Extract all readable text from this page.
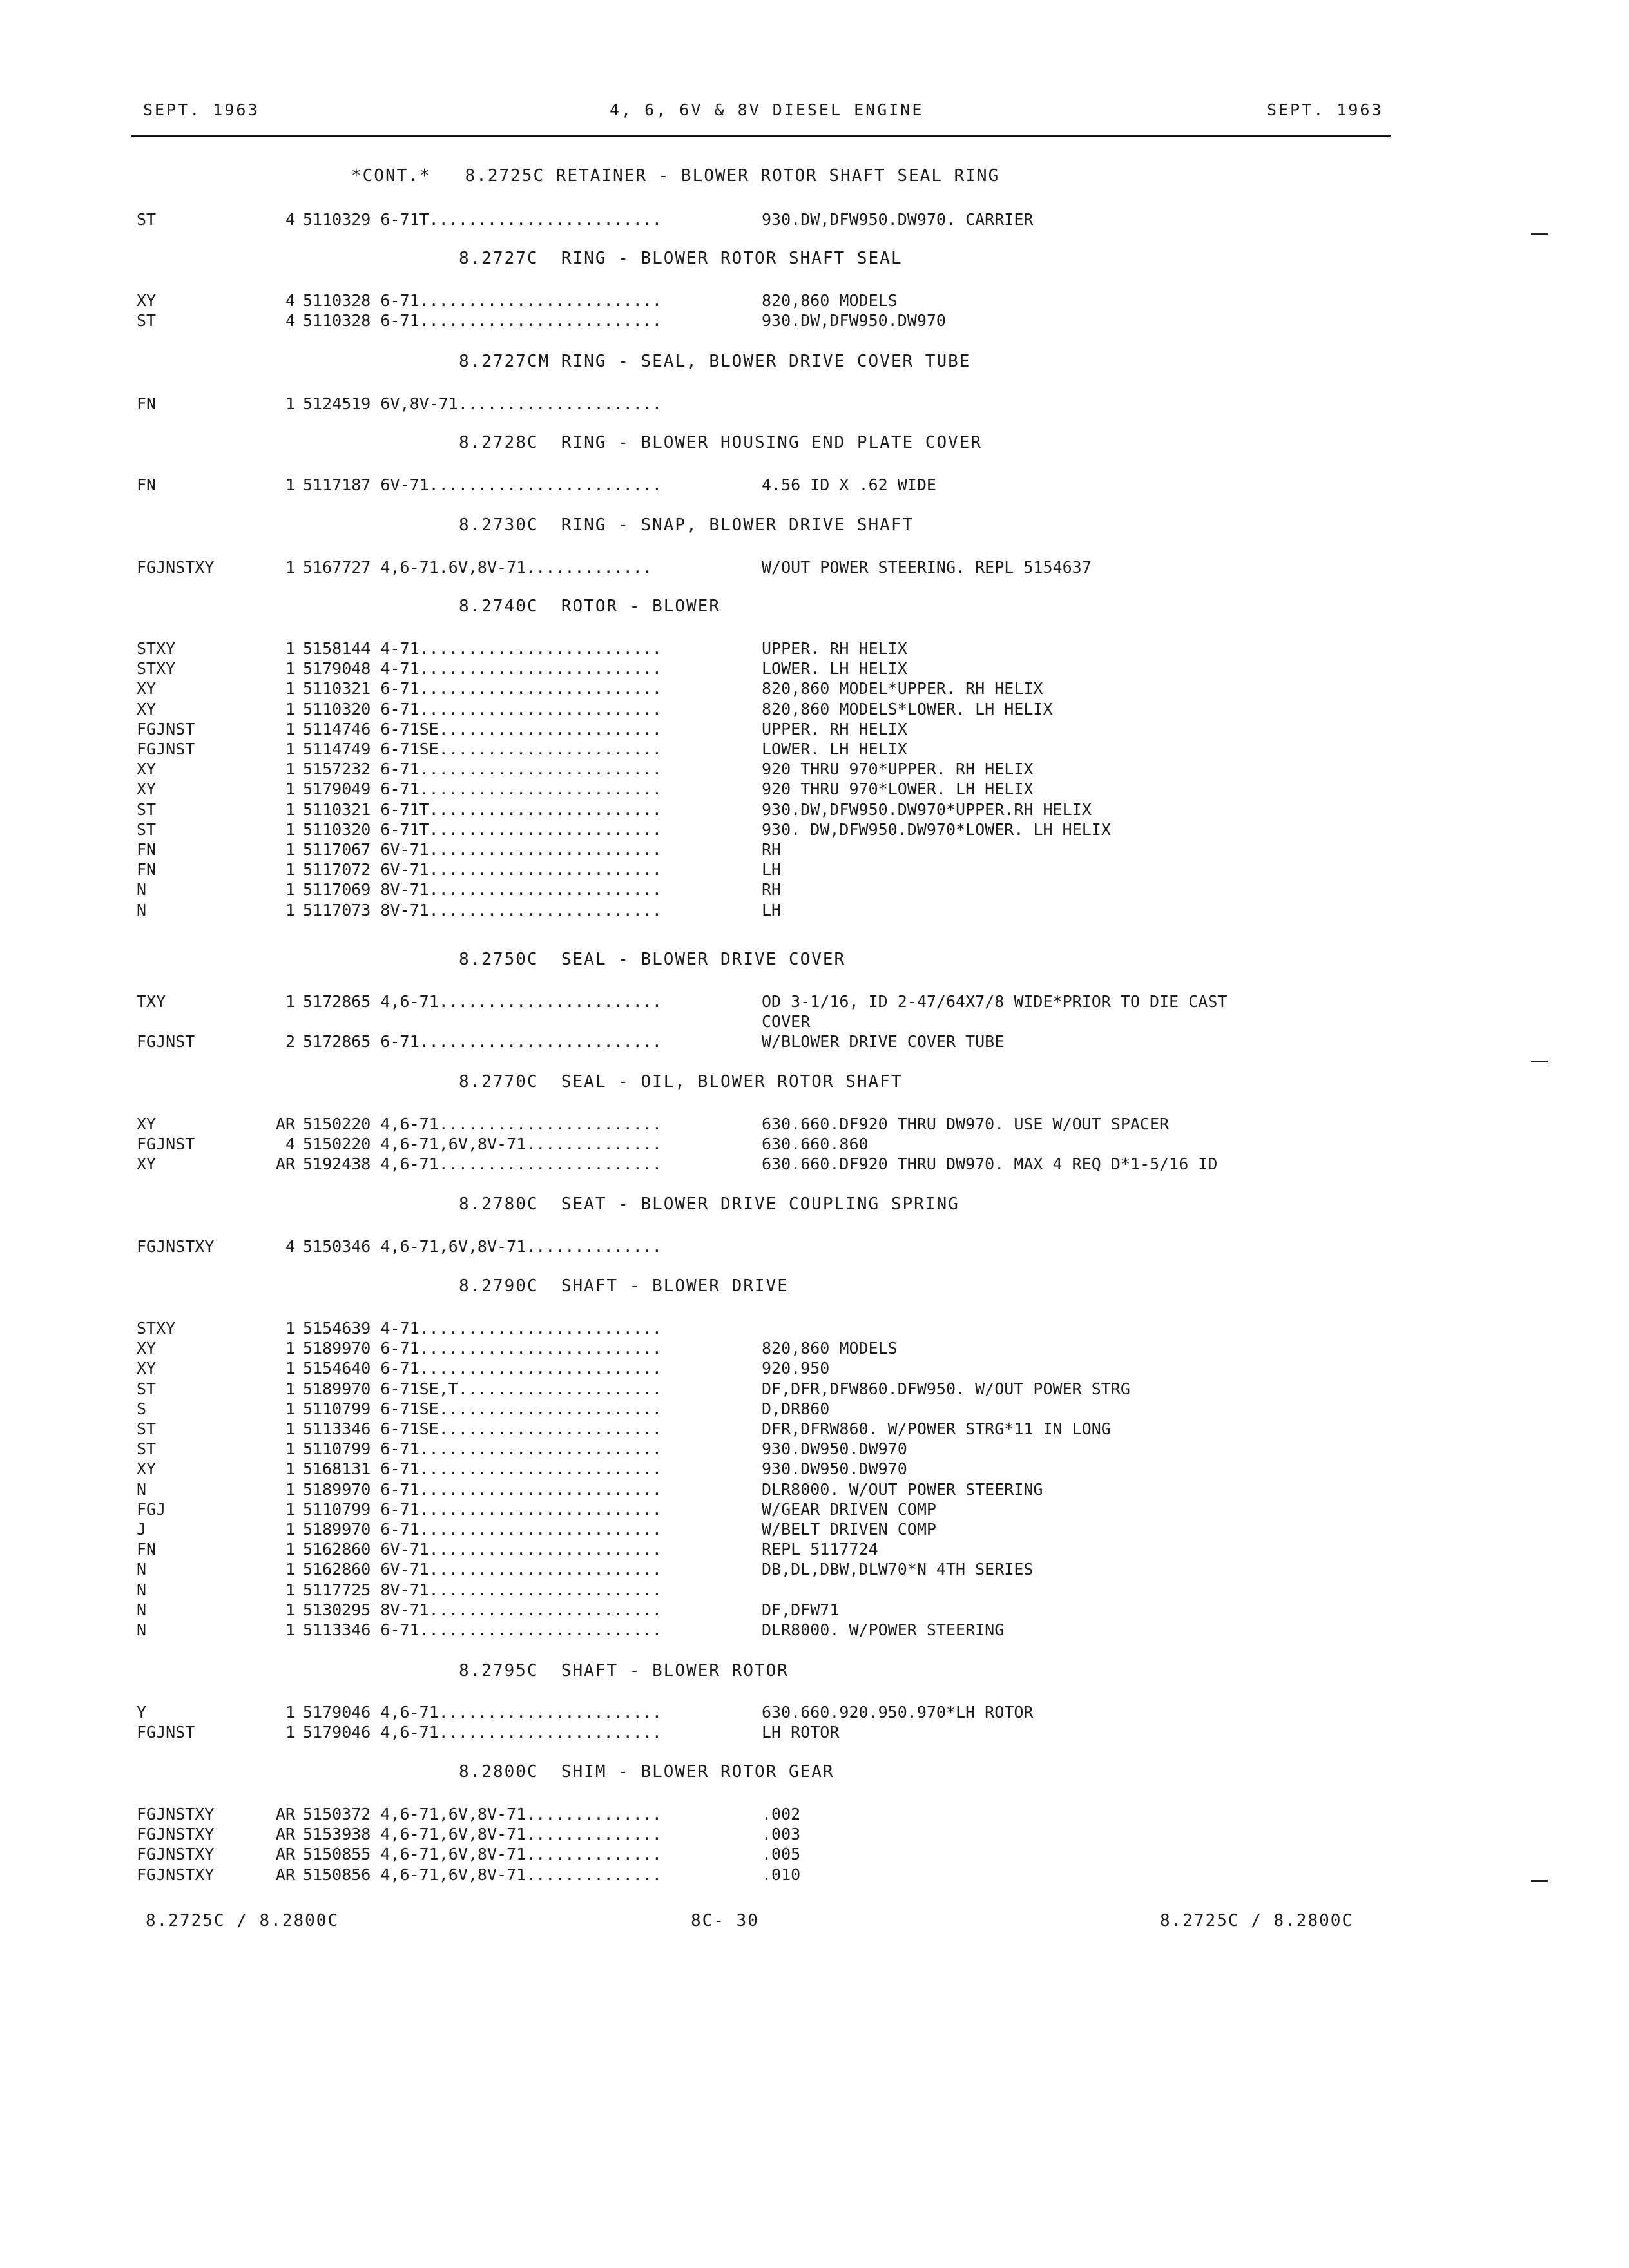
SEPT. 1963	4, 6, 6V & 8V DIESEL ENGINE	SEPT. 1963
*CONT.*   8.2725C RETAINER - BLOWER ROTOR SHAFT SEAL RING
ST	4 5110329 6-71T........................	930.DW,DFW950.DW970. CARRIER
8.2727C  RING - BLOWER ROTOR SHAFT SEAL
XY	4 5110328 6-71.........................	820,860 MODELS
ST	4 5110328 6-71.........................	930.DW,DFW950.DW970
8.2727CM RING - SEAL, BLOWER DRIVE COVER TUBE
FN	1 5124519 6V,8V-71.....................
8.2728C  RING - BLOWER HOUSING END PLATE COVER
FN	1 5117187 6V-71........................	4.56 ID X .62 WIDE
8.2730C  RING - SNAP, BLOWER DRIVE SHAFT
FGJNSTXY	1 5167727 4,6-71.6V,8V-71.............	W/OUT POWER STEERING. REPL 5154637
8.2740C  ROTOR - BLOWER
STXY	1 5158144 4-71.........................	UPPER. RH HELIX
STXY	1 5179048 4-71.........................	LOWER. LH HELIX
XY	1 5110321 6-71.........................	820,860 MODEL*UPPER. RH HELIX
XY	1 5110320 6-71.........................	820,860 MODELS*LOWER. LH HELIX
FGJNST	1 5114746 6-71SE.......................	UPPER. RH HELIX
FGJNST	1 5114749 6-71SE.......................	LOWER. LH HELIX
XY	1 5157232 6-71.........................	920 THRU 970*UPPER. RH HELIX
XY	1 5179049 6-71.........................	920 THRU 970*LOWER. LH HELIX
ST	1 5110321 6-71T........................	930.DW,DFW950.DW970*UPPER.RH HELIX
ST	1 5110320 6-71T........................	930. DW,DFW950.DW970*LOWER. LH HELIX
FN	1 5117067 6V-71........................	RH
FN	1 5117072 6V-71........................	LH
N	1 5117069 8V-71........................	RH
N	1 5117073 8V-71........................	LH
8.2750C  SEAL - BLOWER DRIVE COVER
TXY	1 5172865 4,6-71.......................	OD 3-1/16, ID 2-47/64X7/8 WIDE*PRIOR TO DIE CAST
COVER
FGJNST	2 5172865 6-71.........................	W/BLOWER DRIVE COVER TUBE
8.2770C  SEAL - OIL, BLOWER ROTOR SHAFT
XY	AR 5150220 4,6-71.......................	630.660.DF920 THRU DW970. USE W/OUT SPACER
FGJNST	4 5150220 4,6-71,6V,8V-71..............	630.660.860
XY	AR 5192438 4,6-71.......................	630.660.DF920 THRU DW970. MAX 4 REQ D*1-5/16 ID
8.2780C  SEAT - BLOWER DRIVE COUPLING SPRING
FGJNSTXY	4 5150346 4,6-71,6V,8V-71..............
8.2790C  SHAFT - BLOWER DRIVE
STXY	1 5154639 4-71.........................
XY	1 5189970 6-71.........................	820,860 MODELS
XY	1 5154640 6-71.........................	920.950
ST	1 5189970 6-71SE,T.....................	DF,DFR,DFW860.DFW950. W/OUT POWER STRG
S	1 5110799 6-71SE.......................	D,DR860
ST	1 5113346 6-71SE.......................	DFR,DFRW860. W/POWER STRG*11 IN LONG
ST	1 5110799 6-71.........................	930.DW950.DW970
XY	1 5168131 6-71.........................	930.DW950.DW970
N	1 5189970 6-71.........................	DLR8000. W/OUT POWER STEERING
FGJ	1 5110799 6-71.........................	W/GEAR DRIVEN COMP
J	1 5189970 6-71.........................	W/BELT DRIVEN COMP
FN	1 5162860 6V-71........................	REPL 5117724
N	1 5162860 6V-71........................	DB,DL,DBW,DLW70*N 4TH SERIES
N	1 5117725 8V-71........................
N	1 5130295 8V-71........................	DF,DFW71
N	1 5113346 6-71.........................	DLR8000. W/POWER STEERING
8.2795C  SHAFT - BLOWER ROTOR
Y	1 5179046 4,6-71.......................	630.660.920.950.970*LH ROTOR
FGJNST	1 5179046 4,6-71.......................	LH ROTOR
8.2800C  SHIM - BLOWER ROTOR GEAR
FGJNSTXY	AR 5150372 4,6-71,6V,8V-71..............	.002
FGJNSTXY	AR 5153938 4,6-71,6V,8V-71..............	.003
FGJNSTXY	AR 5150855 4,6-71,6V,8V-71..............	.005
FGJNSTXY	AR 5150856 4,6-71,6V,8V-71..............	.010
8.2725C / 8.2800C	8C- 30	8.2725C / 8.2800C
